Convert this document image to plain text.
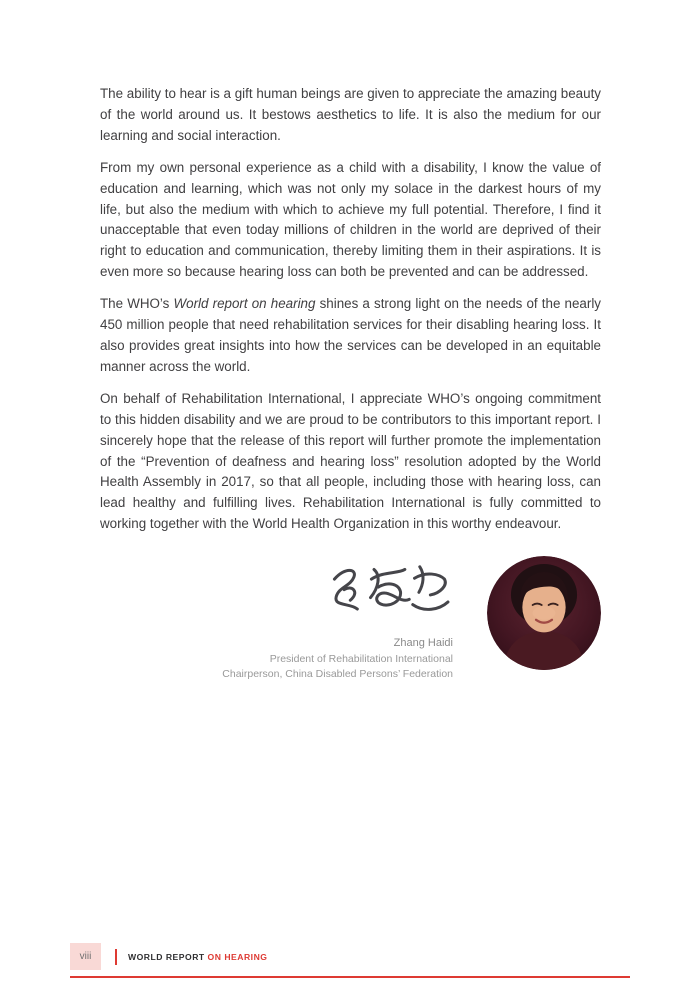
The ability to hear is a gift human beings are given to appreciate the amazing beauty of the world around us. It bestows aesthetics to life. It is also the medium for our learning and social interaction.

From my own personal experience as a child with a disability, I know the value of education and learning, which was not only my solace in the darkest hours of my life, but also the medium with which to achieve my full potential. Therefore, I find it unacceptable that even today millions of children in the world are deprived of their right to education and communication, thereby limiting them in their aspirations. It is even more so because hearing loss can both be prevented and can be addressed.

The WHO’s World report on hearing shines a strong light on the needs of the nearly 450 million people that need rehabilitation services for their disabling hearing loss. It also provides great insights into how the services can be developed in an equitable manner across the world.

On behalf of Rehabilitation International, I appreciate WHO’s ongoing commitment to this hidden disability and we are proud to be contributors to this important report. I sincerely hope that the release of this report will further promote the implementation of the “Prevention of deafness and hearing loss” resolution adopted by the World Health Assembly in 2017, so that all people, including those with hearing loss, can lead healthy and fulfilling lives. Rehabilitation International is fully committed to working together with the World Health Organization in this worthy endeavour.

Zhang Haidi
President of Rehabilitation International
Chairperson, China Disabled Persons’ Federation
viii	WORLD REPORT ON HEARING
